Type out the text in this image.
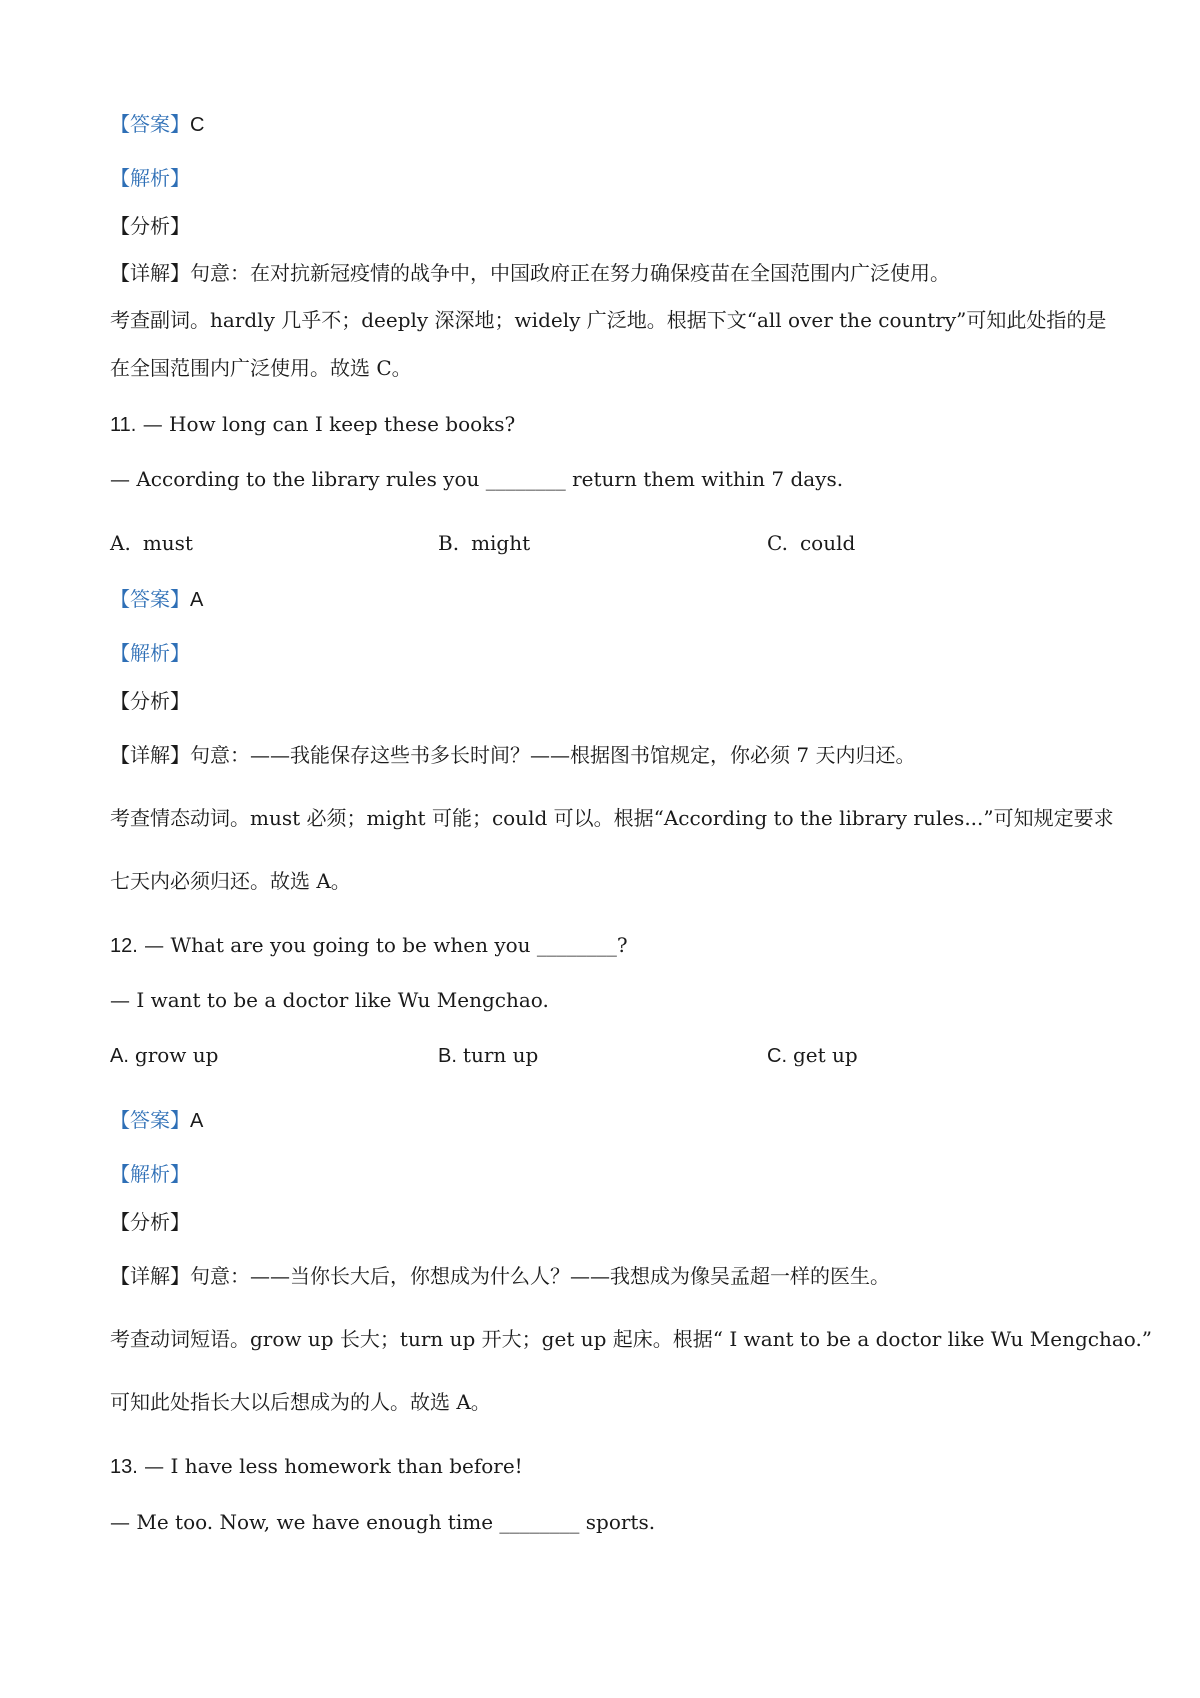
【答案】C
【解析】
【分析】
【详解】句意：在对抗新冠疫情的战争中，中国政府正在努力确保疫苗在全国范围内广泛使用。
考查副词。hardly 几乎不；deeply 深深地；widely 广泛地。根据下文“all over the country”可知此处指的是
在全国范围内广泛使用。故选 C。
11. — How long can I keep these books?
— According to the library rules you ________ return them within 7 days.
A. must	B. might	C. could
【答案】A
【解析】
【分析】
【详解】句意：——我能保存这些书多长时间？——根据图书馆规定，你必须 7 天内归还。
考查情态动词。must 必须；might 可能；could 可以。根据“According to the library rules...”可知规定要求
七天内必须归还。故选 A。
12. — What are you going to be when you ________?
— I want to be a doctor like Wu Mengchao.
A. grow up	B. turn up	C. get up
【答案】A
【解析】
【分析】
【详解】句意：——当你长大后，你想成为什么人？——我想成为像吴孟超一样的医生。
考查动词短语。grow up 长大；turn up 开大；get up 起床。根据“ I want to be a doctor like Wu Mengchao.”
可知此处指长大以后想成为的人。故选 A。
13. — I have less homework than before!
— Me too. Now, we have enough time ________ sports.
